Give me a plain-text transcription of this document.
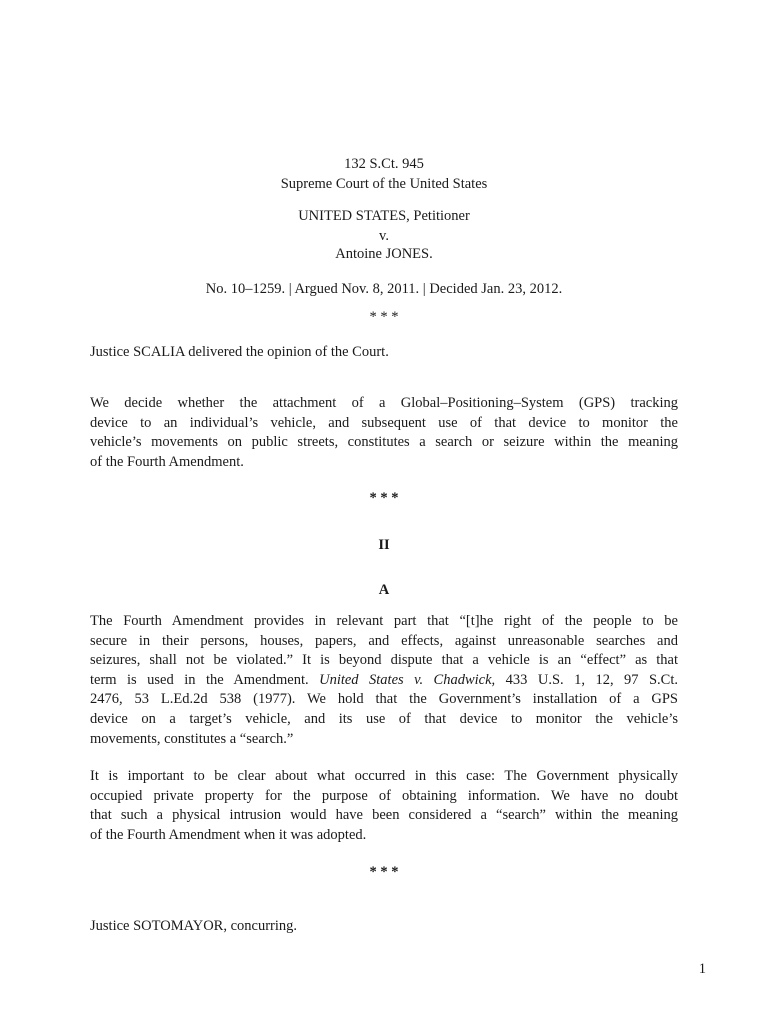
132 S.Ct. 945
Supreme Court of the United States
UNITED STATES, Petitioner
v.
Antoine JONES.
No. 10–1259. | Argued Nov. 8, 2011. | Decided Jan. 23, 2012.
* * *
Justice SCALIA delivered the opinion of the Court.
We decide whether the attachment of a Global–Positioning–System (GPS) tracking
device to an individual’s vehicle, and subsequent use of that device to monitor the
vehicle’s movements on public streets, constitutes a search or seizure within the meaning
of the Fourth Amendment.
* * *
II
A
The Fourth Amendment provides in relevant part that “[t]he right of the people to be
secure in their persons, houses, papers, and effects, against unreasonable searches and
seizures, shall not be violated.” It is beyond dispute that a vehicle is an “effect” as that
term is used in the Amendment. United States v. Chadwick, 433 U.S. 1, 12, 97 S.Ct.
2476, 53 L.Ed.2d 538 (1977). We hold that the Government’s installation of a GPS
device on a target’s vehicle, and its use of that device to monitor the vehicle’s
movements, constitutes a “search.”
It is important to be clear about what occurred in this case: The Government physically
occupied private property for the purpose of obtaining information. We have no doubt
that such a physical intrusion would have been considered a “search” within the meaning
of the Fourth Amendment when it was adopted.
* * *
Justice SOTOMAYOR, concurring.
1
